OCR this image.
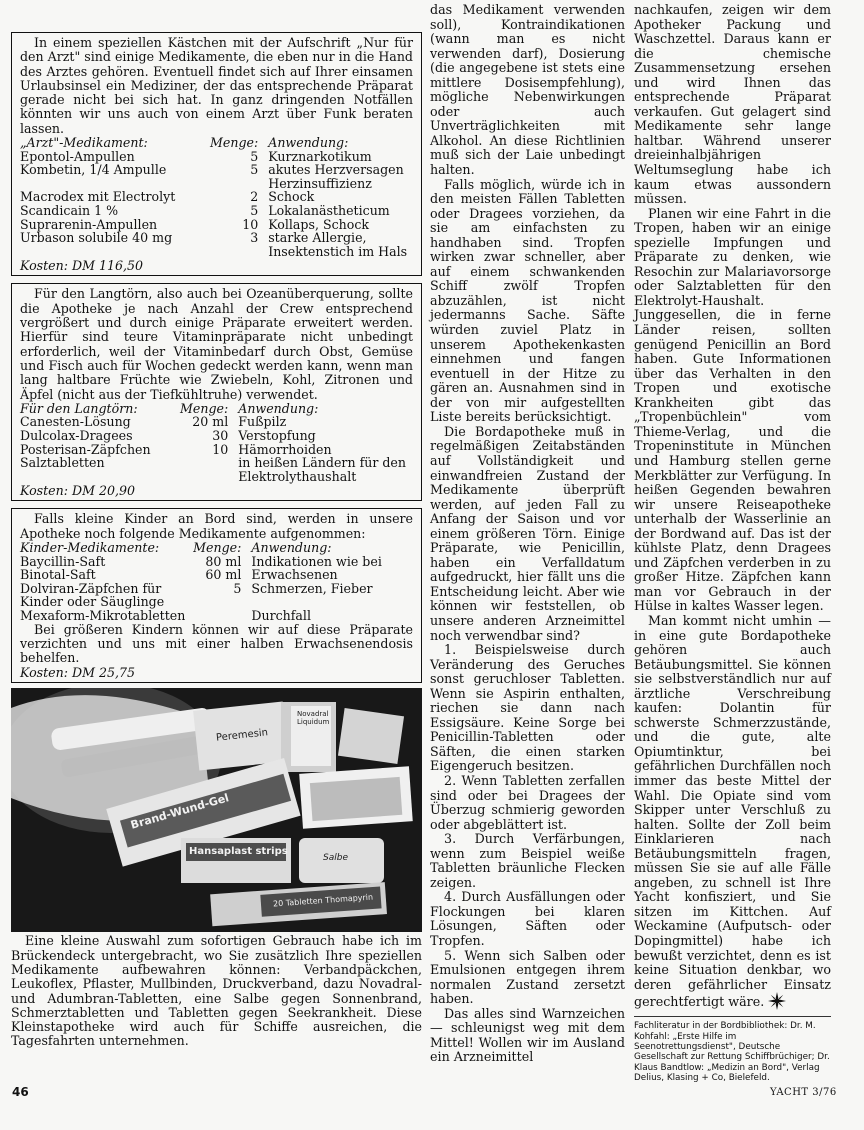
In einem speziellen Kästchen mit der Aufschrift „Nur für den Arzt" sind einige Medikamente, die eben nur in die Hand des Arztes gehören. Eventuell findet sich auf Ihrer einsamen Urlaubsinsel ein Mediziner, der das entsprechende Präparat gerade nicht bei sich hat. In ganz dringenden Notfällen könnten wir uns auch von einem Arzt über Funk beraten lassen.

„Arzt"-Medikament:	Menge:	Anwendung:
Epontol-Ampullen	5	Kurznarkotikum
Kombetin, 1/4 Ampulle	5	akutes Herzversagen Herzinsuffizienz
Macrodex mit Electrolyt	2	Schock
Scandicain 1 %	5	Lokalanästheticum
Suprarenin-Ampullen	10	Kollaps, Schock
Urbason solubile 40 mg	3	starke Allergie, Insektenstich im Hals
Kosten: DM 116,50

Für den Langtörn, also auch bei Ozeanüberquerung, sollte die Apotheke je nach Anzahl der Crew entsprechend vergrößert und durch einige Präparate erweitert werden. Hierfür sind teure Vitaminpräparate nicht unbedingt erforderlich, weil der Vitaminbedarf durch Obst, Gemüse und Fisch auch für Wochen gedeckt werden kann, wenn man lang haltbare Früchte wie Zwiebeln, Kohl, Zitronen und Äpfel (nicht aus der Tiefkühltruhe) verwendet.

Für den Langtörn:	Menge:	Anwendung:
Canesten-Lösung	20 ml	Fußpilz
Dulcolax-Dragees	30	Verstopfung
Posterisan-Zäpfchen	10	Hämorrhoiden
Salztabletten		in heißen Ländern für den Elektrolythaushalt
Kosten: DM 20,90

Falls kleine Kinder an Bord sind, werden in unsere Apotheke noch folgende Medikamente aufgenommen:

Kinder-Medikamente:	Menge:	Anwendung:
Baycillin-Saft	80 ml	Indikationen wie bei
Binotal-Saft	60 ml	Erwachsenen
Dolviran-Zäpfchen für Kinder oder Säuglinge	5	Schmerzen, Fieber
Mexaform-Mikrotabletten		Durchfall

Bei größeren Kindern können wir auf diese Präparate verzichten und uns mit einer halben Erwachsenendosis behelfen.

Kosten: DM 25,75
Peremesin
Novadral Liquidum
Brand-Wund-Gel
Hansaplast strips
Salbe
20 Tabletten Thomapyrin

Eine kleine Auswahl zum sofortigen Gebrauch habe ich im Brückendeck untergebracht, wo Sie zusätzlich Ihre speziellen Medikamente aufbewahren können: Verbandpäckchen, Leukoflex, Pflaster, Mullbinden, Druckverband, dazu Novadral- und Adumbran-Tabletten, eine Salbe gegen Sonnenbrand, Schmerztabletten und Tabletten gegen Seekrankheit. Diese Kleinstapotheke wird auch für Schiffe ausreichen, die Tagesfahrten unternehmen.

das Medikament verwenden soll), Kontraindikationen (wann man es nicht verwenden darf), Dosierung (die angegebene ist stets eine mittlere Dosisempfehlung), mögliche Nebenwirkungen oder auch Unverträglichkeiten mit Alkohol. An diese Richtlinien muß sich der Laie unbedingt halten.

Falls möglich, würde ich in den meisten Fällen Tabletten oder Dragees vorziehen, da sie am einfachsten zu handhaben sind. Tropfen wirken zwar schneller, aber auf einem schwankenden Schiff zwölf Tropfen abzuzählen, ist nicht jedermanns Sache. Säfte würden zuviel Platz in unserem Apothekenkasten einnehmen und fangen eventuell in der Hitze zu gären an. Ausnahmen sind in der von mir aufgestellten Liste bereits berücksichtigt.

Die Bordapotheke muß in regelmäßigen Zeitabständen auf Vollständigkeit und einwandfreien Zustand der Medikamente überprüft werden, auf jeden Fall zu Anfang der Saison und vor einem größeren Törn. Einige Präparate, wie Penicillin, haben ein Verfalldatum aufgedruckt, hier fällt uns die Entscheidung leicht. Aber wie können wir feststellen, ob unsere anderen Arzneimittel noch verwendbar sind?

1. Beispielsweise durch Veränderung des Geruches sonst geruchloser Tabletten. Wenn sie Aspirin enthalten, riechen sie dann nach Essigsäure. Keine Sorge bei Penicillin-Tabletten oder Säften, die einen starken Eigengeruch besitzen.

2. Wenn Tabletten zerfallen sind oder bei Dragees der Überzug schmierig geworden oder abgeblättert ist.

3. Durch Verfärbungen, wenn zum Beispiel weiße Tabletten bräunliche Flecken zeigen.

4. Durch Ausfällungen oder Flockungen bei klaren Lösungen, Säften oder Tropfen.

5. Wenn sich Salben oder Emulsionen entgegen ihrem normalen Zustand zersetzt haben.

Das alles sind Warnzeichen — schleunigst weg mit dem Mittel! Wollen wir im Ausland ein Arzneimittel

nachkaufen, zeigen wir dem Apotheker Packung und Waschzettel. Daraus kann er die chemische Zusammensetzung ersehen und wird Ihnen das entsprechende Präparat verkaufen. Gut gelagert sind Medikamente sehr lange haltbar. Während unserer dreieinhalbjährigen Weltumseglung habe ich kaum etwas aussondern müssen.

Planen wir eine Fahrt in die Tropen, haben wir an einige spezielle Impfungen und Präparate zu denken, wie Resochin zur Malariavorsorge oder Salztabletten für den Elektrolyt-Haushalt. Junggesellen, die in ferne Länder reisen, sollten genügend Penicillin an Bord haben. Gute Informationen über das Verhalten in den Tropen und exotische Krankheiten gibt das „Tropenbüchlein" vom Thieme-Verlag, und die Tropeninstitute in München und Hamburg stellen gerne Merkblätter zur Verfügung. In heißen Gegenden bewahren wir unsere Reiseapotheke unterhalb der Wasserlinie an der Bordwand auf. Das ist der kühlste Platz, denn Dragees und Zäpfchen verderben in zu großer Hitze. Zäpfchen kann man vor Gebrauch in der Hülse in kaltes Wasser legen.

Man kommt nicht umhin — in eine gute Bordapotheke gehören auch Betäubungsmittel. Sie können sie selbstverständlich nur auf ärztliche Verschreibung kaufen: Dolantin für schwerste Schmerzzustände, und die gute, alte Opiumtinktur, bei gefährlichen Durchfällen noch immer das beste Mittel der Wahl. Die Opiate sind vom Skipper unter Verschluß zu halten. Sollte der Zoll beim Einklarieren nach Betäubungsmitteln fragen, müssen Sie sie auf alle Fälle angeben, zu schnell ist Ihre Yacht konfisziert, und Sie sitzen im Kittchen. Auf Weckamine (Aufputsch- oder Dopingmittel) habe ich bewußt verzichtet, denn es ist keine Situation denkbar, wo deren gefährlicher Einsatz gerechtfertigt wäre.

Fachliteratur in der Bordbibliothek: Dr. M. Kohfahl: „Erste Hilfe im Seenotrettungsdienst", Deutsche Gesellschaft zur Rettung Schiffbrüchiger; Dr. Klaus Bandtlow: „Medizin an Bord", Verlag Delius, Klasing + Co, Bielefeld.
46	YACHT 3/76
